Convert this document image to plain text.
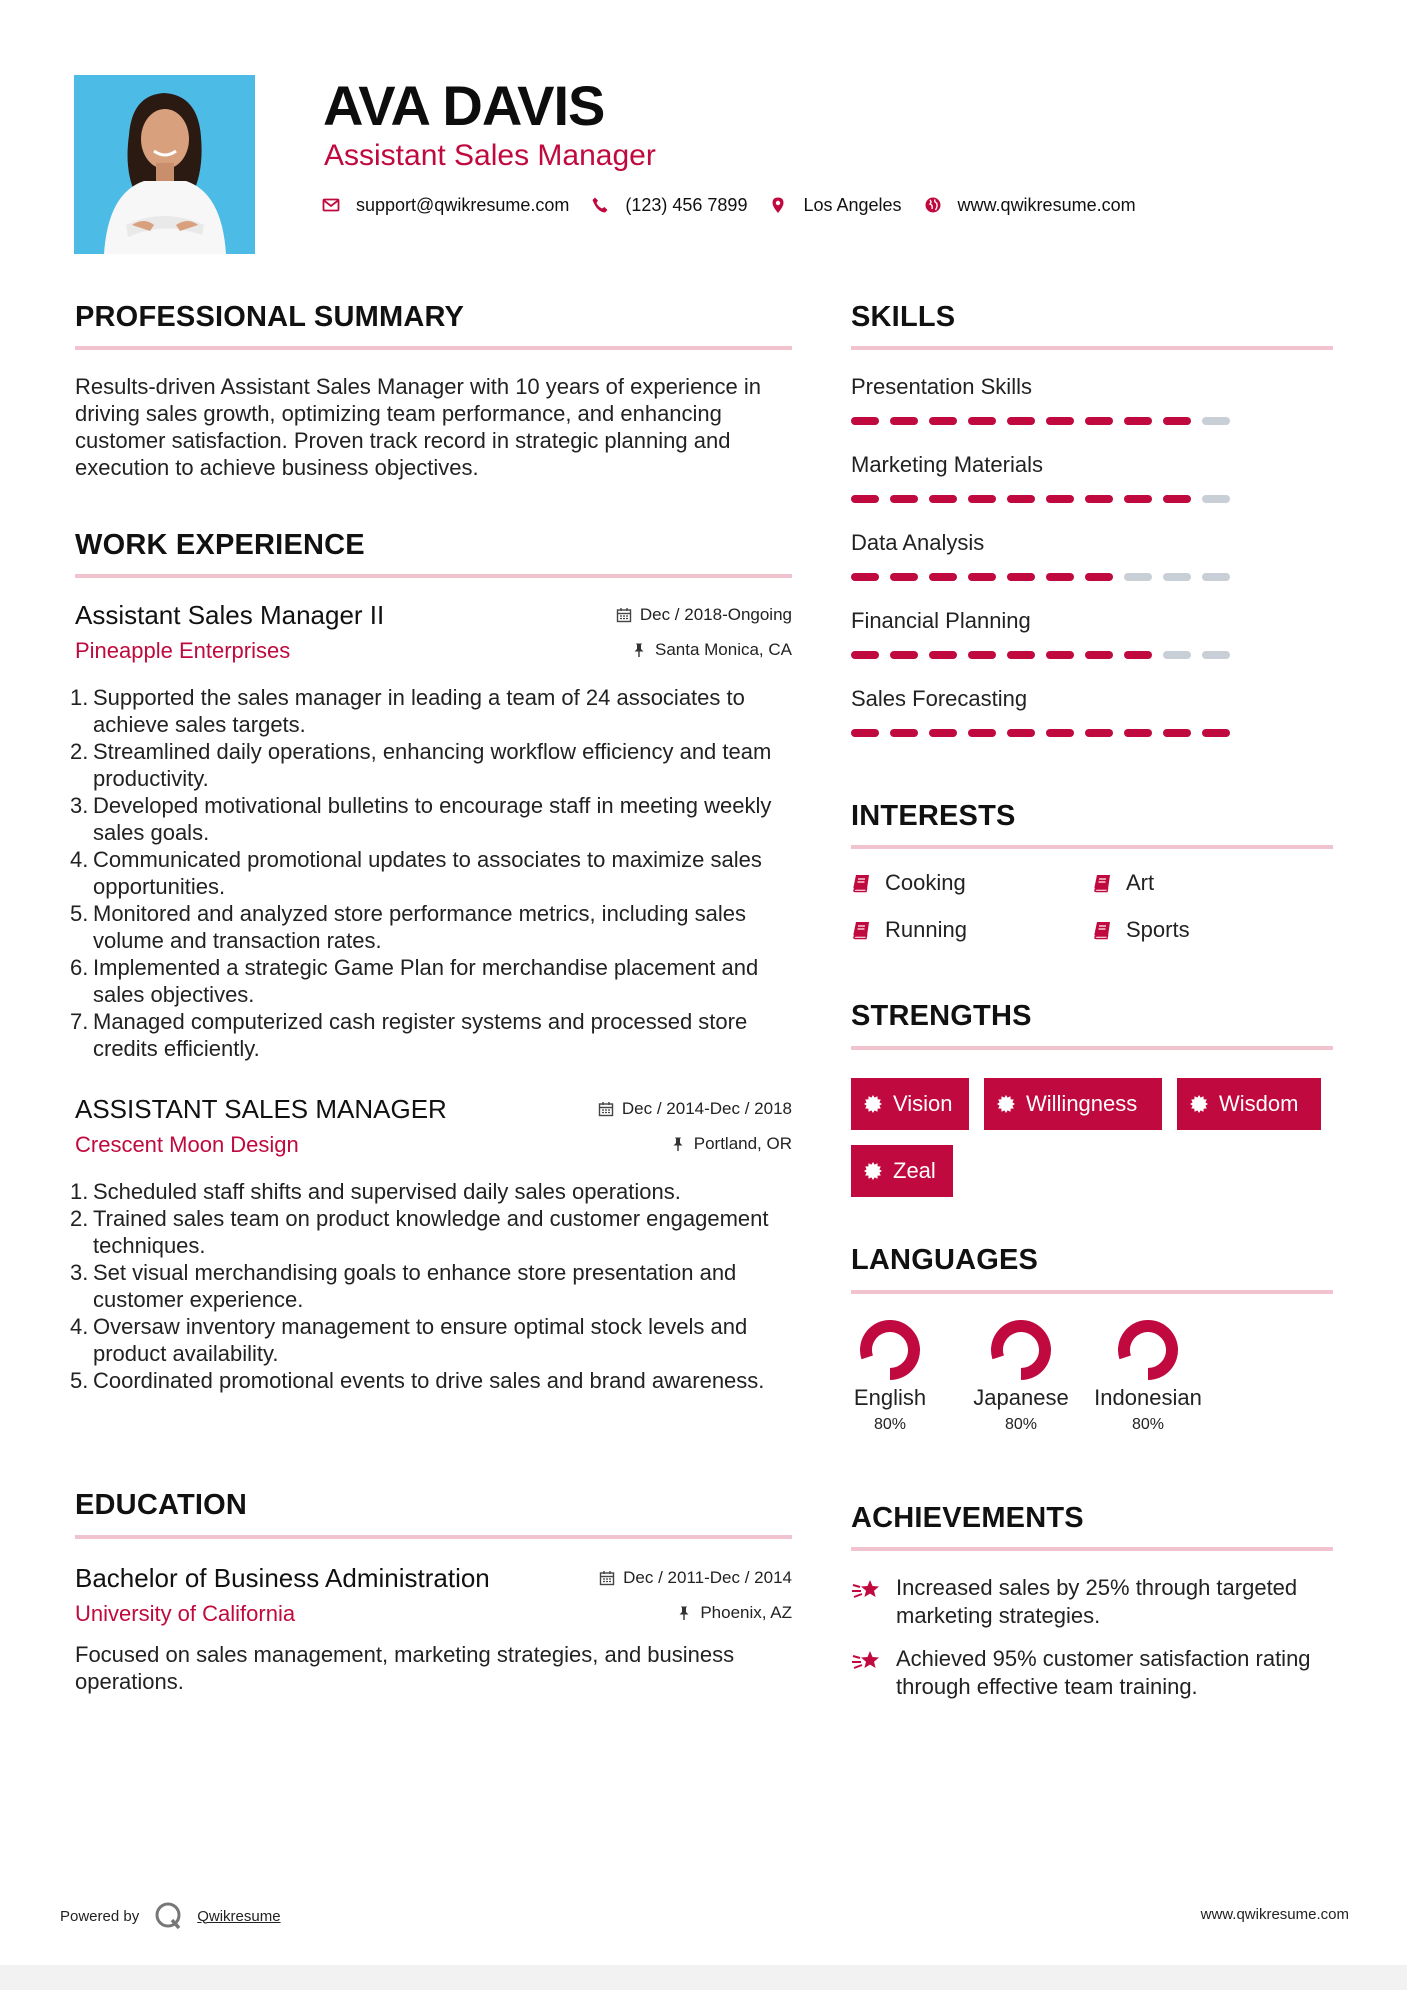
AVA DAVIS
Assistant Sales Manager
support@qwikresume.com	(123) 456 7899	Los Angeles	www.qwikresume.com
PROFESSIONAL SUMMARY
Results-driven Assistant Sales Manager with 10 years of experience in driving sales growth, optimizing team performance, and enhancing customer satisfaction. Proven track record in strategic planning and execution to achieve business objectives.
WORK EXPERIENCE
Assistant Sales Manager II
Pineapple Enterprises
Dec / 2018-Ongoing
Santa Monica, CA
1. Supported the sales manager in leading a team of 24 associates to achieve sales targets.
2. Streamlined daily operations, enhancing workflow efficiency and team productivity.
3. Developed motivational bulletins to encourage staff in meeting weekly sales goals.
4. Communicated promotional updates to associates to maximize sales opportunities.
5. Monitored and analyzed store performance metrics, including sales volume and transaction rates.
6. Implemented a strategic Game Plan for merchandise placement and sales objectives.
7. Managed computerized cash register systems and processed store credits efficiently.
ASSISTANT SALES MANAGER
Crescent Moon Design
Dec / 2014-Dec / 2018
Portland, OR
1. Scheduled staff shifts and supervised daily sales operations.
2. Trained sales team on product knowledge and customer engagement techniques.
3. Set visual merchandising goals to enhance store presentation and customer experience.
4. Oversaw inventory management to ensure optimal stock levels and product availability.
5. Coordinated promotional events to drive sales and brand awareness.
EDUCATION
Bachelor of Business Administration
University of California
Dec / 2011-Dec / 2014
Phoenix, AZ
Focused on sales management, marketing strategies, and business operations.
SKILLS
Presentation Skills
Marketing Materials
Data Analysis
Financial Planning
Sales Forecasting
INTERESTS
Cooking	Art
Running	Sports
STRENGTHS
Vision	Willingness	Wisdom
Zeal
LANGUAGES
English
80%
Japanese
80%
Indonesian
80%
ACHIEVEMENTS
Increased sales by 25% through targeted marketing strategies.
Achieved 95% customer satisfaction rating through effective team training.
Powered by	Qwikresume	www.qwikresume.com
